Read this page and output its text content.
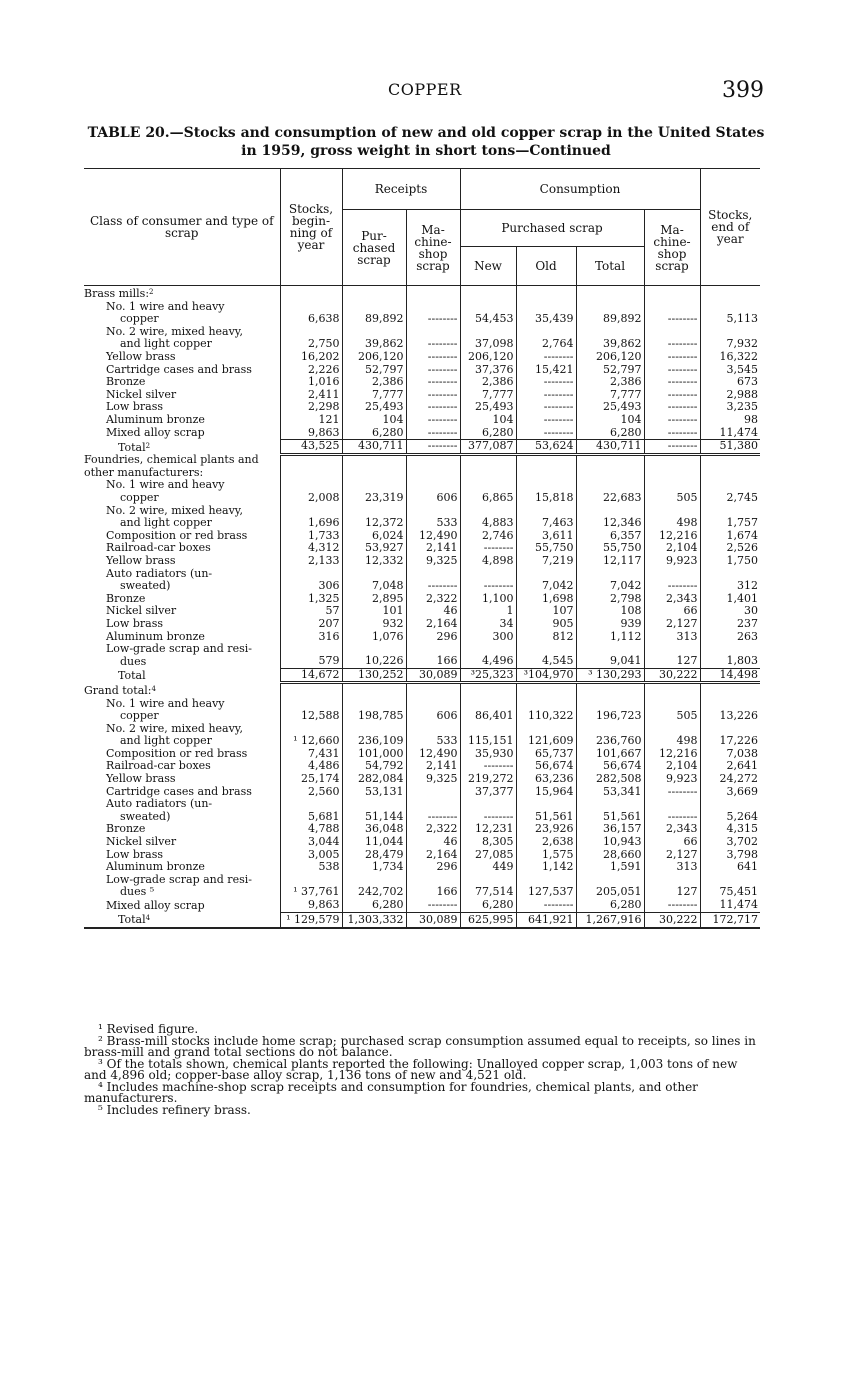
COPPER	399
TABLE 20.—Stocks and consumption of new and old copper scrap in the United States in 1959, gross weight in short tons—Continued
Class of consumer and type of scrap	Stocks, begin- ning of year	Receipts		Consumption				Stocks, end of year
		Pur- chased scrap	Ma- chine- shop scrap	Purchased scrap			Ma- chine- shop scrap	
				New	Old	Total		
Brass mills:$^2$								

No. 1 wire and heavy
copper	6,638	89,892	--------	54,453	35,439	89,892	--------	5,113

No. 2 wire, mixed heavy,
and light copper	2,750	39,862	--------	37,098	2,764	39,862	--------	7,932

Yellow brass	16,202	206,120	--------	206,120	--------	206,120	--------	16,322

Cartridge cases and brass	2,226	52,797	--------	37,376	15,421	52,797	--------	3,545

Bronze	1,016	2,386	--------	2,386	--------	2,386	--------	673

Nickel silver	2,411	7,777	--------	7,777	--------	7,777	--------	2,988

Low brass	2,298	25,493	--------	25,493	--------	25,493	--------	3,235

Aluminum bronze	121	104	--------	104	--------	104	--------	98

Mixed alloy scrap	9,863	6,280	--------	6,280	--------	6,280	--------	11,474
Total$^2$	43,525	430,711	--------	377,087	53,624	430,711	--------	51,380
Foundries, chemical plants and other manufacturers:								

No. 1 wire and heavy
copper	2,008	23,319	606	6,865	15,818	22,683	505	2,745

No. 2 wire, mixed heavy,
and light copper	1,696	12,372	533	4,883	7,463	12,346	498	1,757

Composition or red brass	1,733	6,024	12,490	2,746	3,611	6,357	12,216	1,674

Railroad-car boxes	4,312	53,927	2,141	--------	55,750	55,750	2,104	2,526

Yellow brass	2,133	12,332	9,325	4,898	7,219	12,117	9,923	1,750

Auto radiators (un-
sweated)	306	7,048	--------	--------	7,042	7,042	--------	312

Bronze	1,325	2,895	2,322	1,100	1,698	2,798	2,343	1,401

Nickel silver	57	101	46	1	107	108	66	30

Low brass	207	932	2,164	34	905	939	2,127	237

Aluminum bronze	316	1,076	296	300	812	1,112	313	263

Low-grade scrap and resi-
dues	579	10,226	166	4,496	4,545	9,041	127	1,803
Total	14,672	130,252	30,089	³25,323	³104,970	³ 130,293	30,222	14,498
Grand total:$^4$								

No. 1 wire and heavy
copper	12,588	198,785	606	86,401	110,322	196,723	505	13,226

No. 2 wire, mixed heavy,
and light copper	¹ 12,660	236,109	533	115,151	121,609	236,760	498	17,226

Composition or red brass	7,431	101,000	12,490	35,930	65,737	101,667	12,216	7,038

Railroad-car boxes	4,486	54,792	2,141	--------	56,674	56,674	2,104	2,641

Yellow brass	25,174	282,084	9,325	219,272	63,236	282,508	9,923	24,272

Cartridge cases and brass	2,560	53,131		37,377	15,964	53,341	--------	3,669

Auto radiators (un-
sweated)	5,681	51,144	--------	--------	51,561	51,561	--------	5,264

Bronze	4,788	36,048	2,322	12,231	23,926	36,157	2,343	4,315

Nickel silver	3,044	11,044	46	8,305	2,638	10,943	66	3,702

Low brass	3,005	28,479	2,164	27,085	1,575	28,660	2,127	3,798

Aluminum bronze	538	1,734	296	449	1,142	1,591	313	641

Low-grade scrap and resi-
dues ⁵	¹ 37,761	242,702	166	77,514	127,537	205,051	127	75,451

Mixed alloy scrap	9,863	6,280	--------	6,280	--------	6,280	--------	11,474
Total$^4$	¹ 129,579	1,303,332	30,089	625,995	641,921	1,267,916	30,222	172,717

¹ Revised figure.

² Brass-mill stocks include home scrap; purchased scrap consumption assumed equal to receipts, so lines in brass-mill and grand total sections do not balance.

³ Of the totals shown, chemical plants reported the following: Unalloyed copper scrap, 1,003 tons of new and 4,896 old; copper-base alloy scrap, 1,136 tons of new and 4,521 old.

⁴ Includes machine-shop scrap receipts and consumption for foundries, chemical plants, and other manufacturers.

⁵ Includes refinery brass.
